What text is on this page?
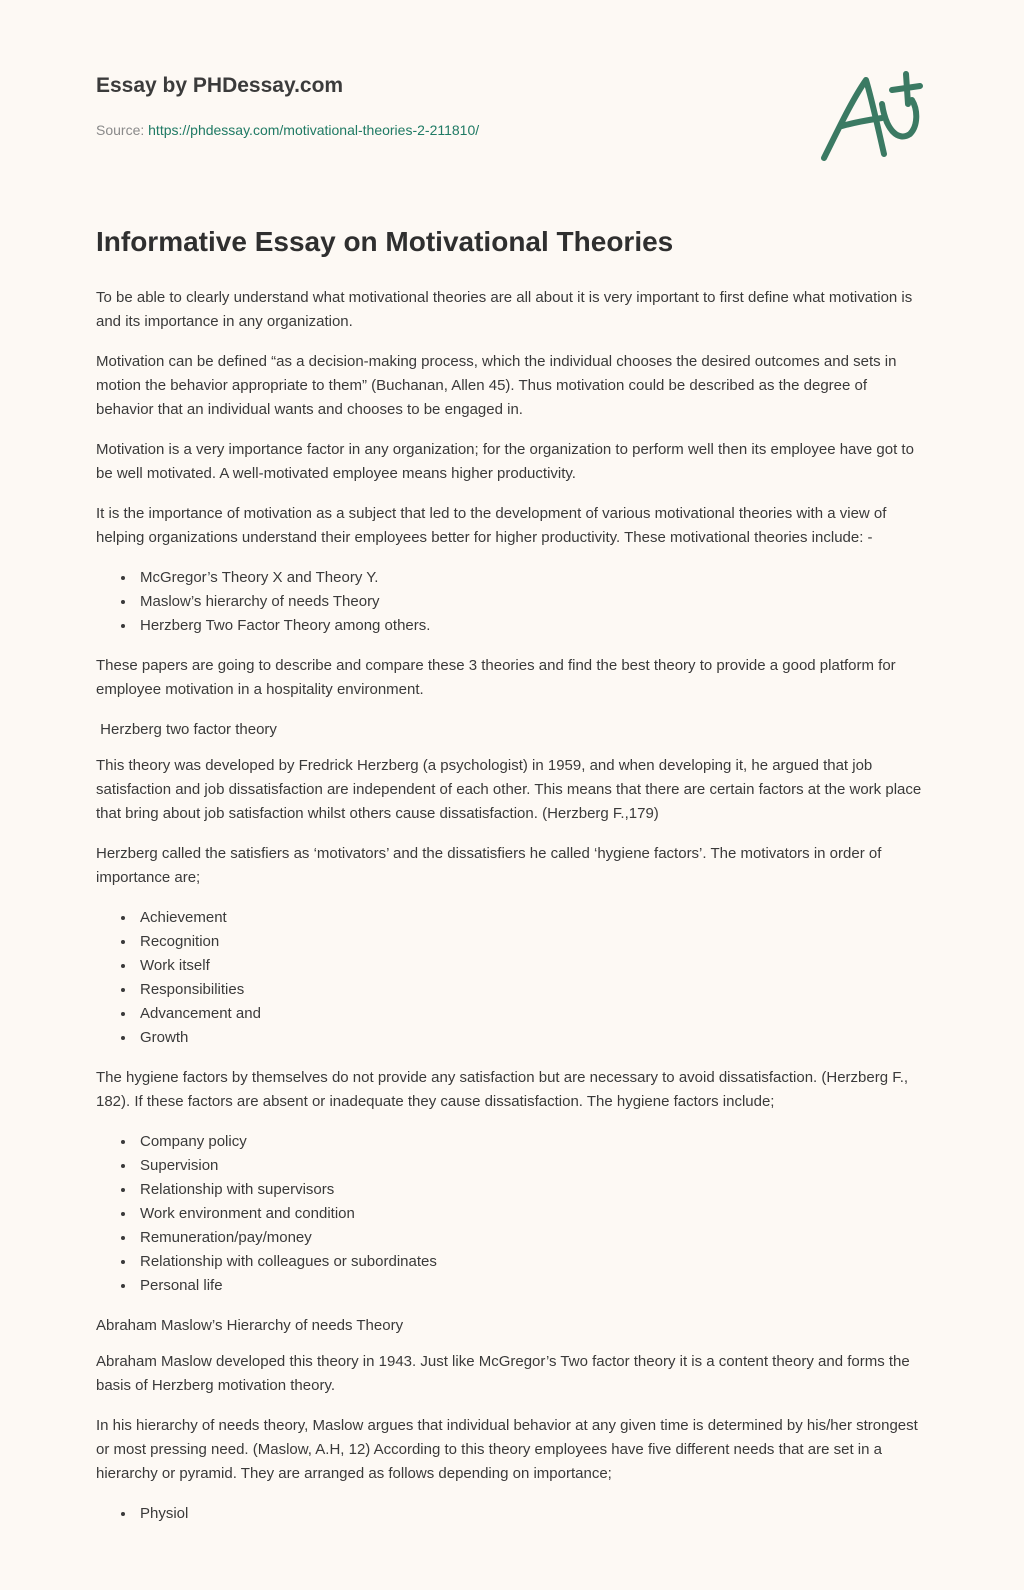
Essay by PHDessay.com
Source: https://phdessay.com/motivational-theories-2-211810/
Informative Essay on Motivational Theories

To be able to clearly understand what motivational theories are all about it is very important to first define what motivation is and its importance in any organization.

Motivation can be defined “as a decision-making process, which the individual chooses the desired outcomes and sets in motion the behavior appropriate to them” (Buchanan, Allen 45). Thus motivation could be described as the degree of behavior that an individual wants and chooses to be engaged in.

Motivation is a very importance factor in any organization; for the organization to perform well then its employee have got to be well motivated. A well-motivated employee means higher productivity.

It is the importance of motivation as a subject that led to the development of various motivational theories with a view of helping organizations understand their employees better for higher productivity. These motivational theories include: -

• McGregor’s Theory X and Theory Y.
• Maslow’s hierarchy of needs Theory
• Herzberg Two Factor Theory among others.

These papers are going to describe and compare these 3 theories and find the best theory to provide a good platform for employee motivation in a hospitality environment.

Herzberg two factor theory

This theory was developed by Fredrick Herzberg (a psychologist) in 1959, and when developing it, he argued that job satisfaction and job dissatisfaction are independent of each other. This means that there are certain factors at the work place that bring about job satisfaction whilst others cause dissatisfaction. (Herzberg F.,179)

Herzberg called the satisfiers as ‘motivators’ and the dissatisfiers he called ‘hygiene factors’. The motivators in order of importance are;

• Achievement
• Recognition
• Work itself
• Responsibilities
• Advancement and
• Growth

The hygiene factors by themselves do not provide any satisfaction but are necessary to avoid dissatisfaction. (Herzberg F., 182). If these factors are absent or inadequate they cause dissatisfaction. The hygiene factors include;

• Company policy
• Supervision
• Relationship with supervisors
• Work environment and condition
• Remuneration/pay/money
• Relationship with colleagues or subordinates
• Personal life

Abraham Maslow’s Hierarchy of needs Theory

Abraham Maslow developed this theory in 1943. Just like McGregor’s Two factor theory it is a content theory and forms the basis of Herzberg motivation theory.

In his hierarchy of needs theory, Maslow argues that individual behavior at any given time is determined by his/her strongest or most pressing need. (Maslow, A.H, 12) According to this theory employees have five different needs that are set in a hierarchy or pyramid. They are arranged as follows depending on importance;

• Physiol
